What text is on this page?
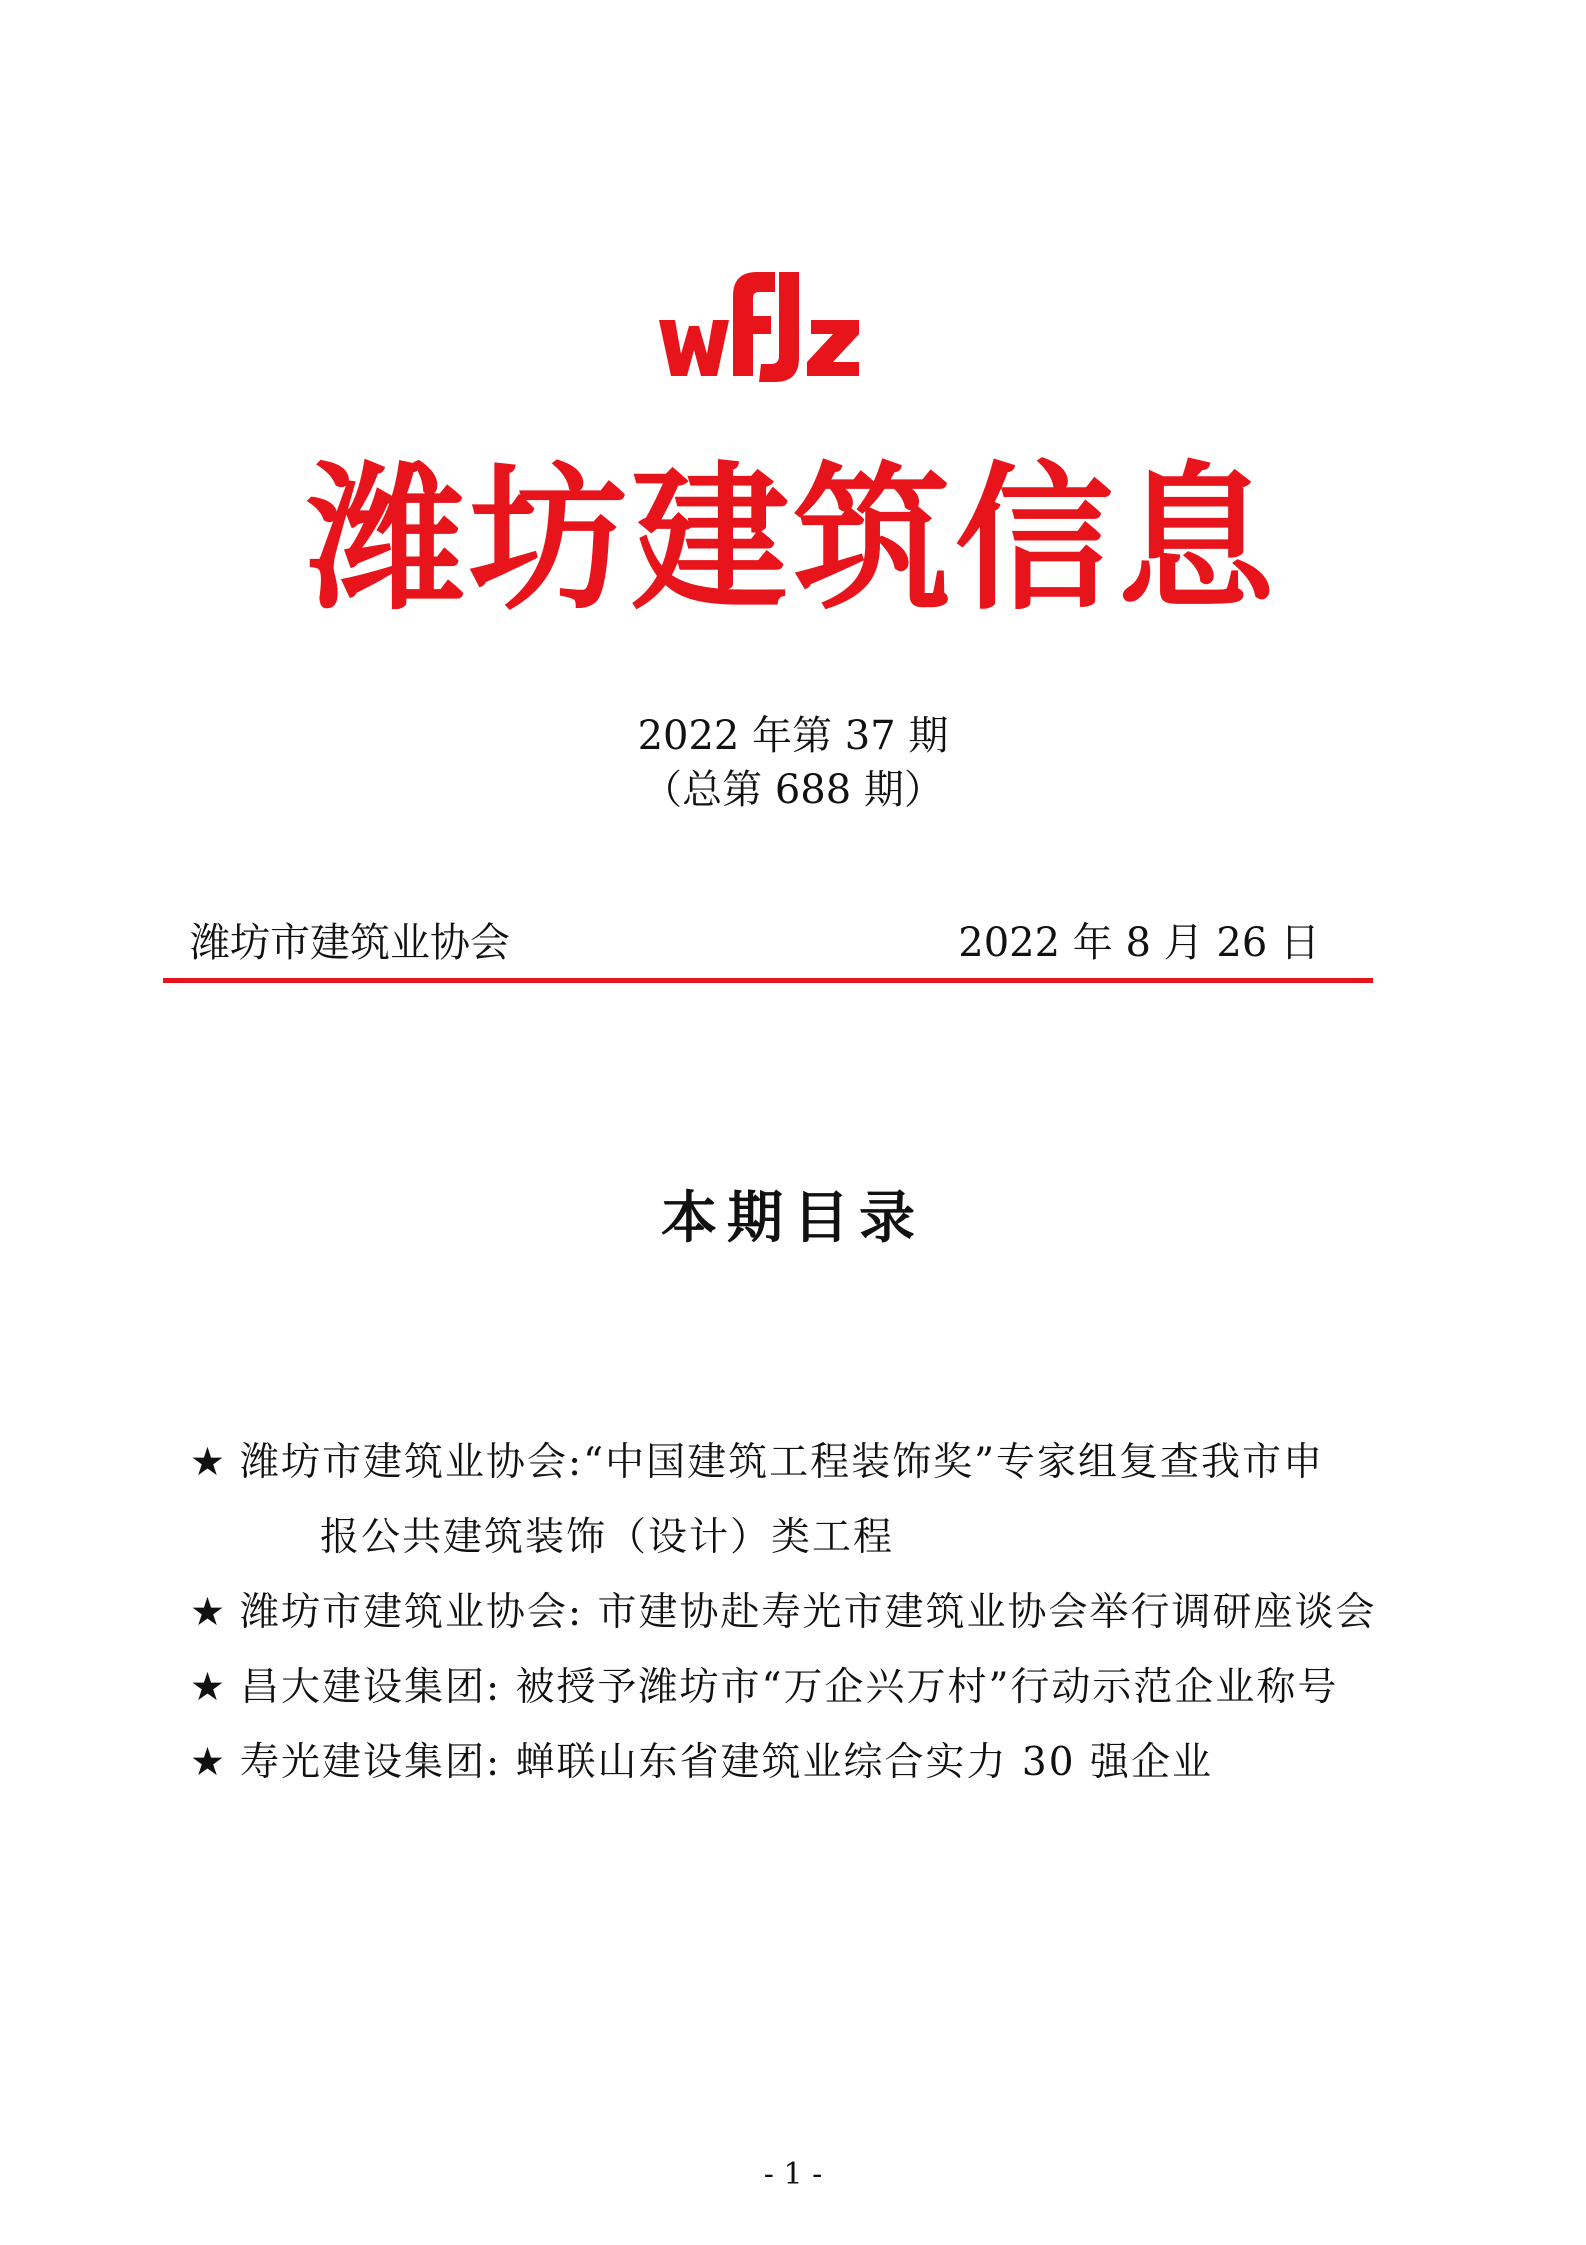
潍坊建筑信息
2022 年第 37 期
（总第 688 期）
潍坊市建筑业协会	2022 年 8 月 26 日
本期目录
★ 潍坊市建筑业协会:“中国建筑工程装饰奖”专家组复查我市申
报公共建筑装饰（设计）类工程
★ 潍坊市建筑业协会: 市建协赴寿光市建筑业协会举行调研座谈会
★ 昌大建设集团: 被授予潍坊市“万企兴万村”行动示范企业称号
★ 寿光建设集团: 蝉联山东省建筑业综合实力 30 强企业
- 1 -
